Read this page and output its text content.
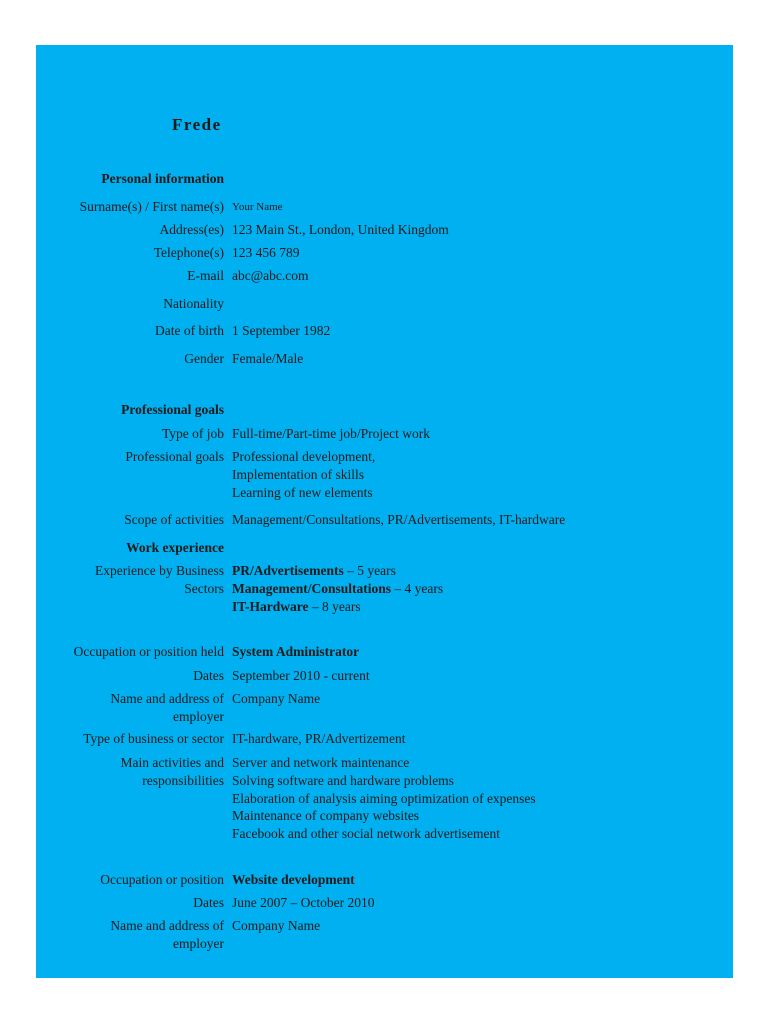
Frede
Personal information
Surname(s) / First name(s) Your Name
Address(es) 123 Main St., London, United Kingdom
Telephone(s) 123 456 789
E-mail abc@abc.com
Nationality
Date of birth 1 September 1982
Gender Female/Male
Professional goals
Type of job Full-time/Part-time job/Project work
Professional goals Professional development,
Implementation of skills
Learning of new elements
Scope of activities Management/Consultations, PR/Advertisements, IT-hardware
Work experience
Experience by Business
Sectors
PR/Advertisements – 5 years
Management/Consultations – 4 years
IT-Hardware – 8 years
Occupation or position held System Administrator
Dates September 2010 - current
Name and address of
employer
Company Name
Type of business or sector IT-hardware, PR/Advertizement
Main activities and
responsibilities
Server and network maintenance
Solving software and hardware problems
Elaboration of analysis aiming optimization of expenses
Maintenance of company websites
Facebook and other social network advertisement
Occupation or position Website development
Dates June 2007 – October 2010
Name and address of
employer
Company Name
